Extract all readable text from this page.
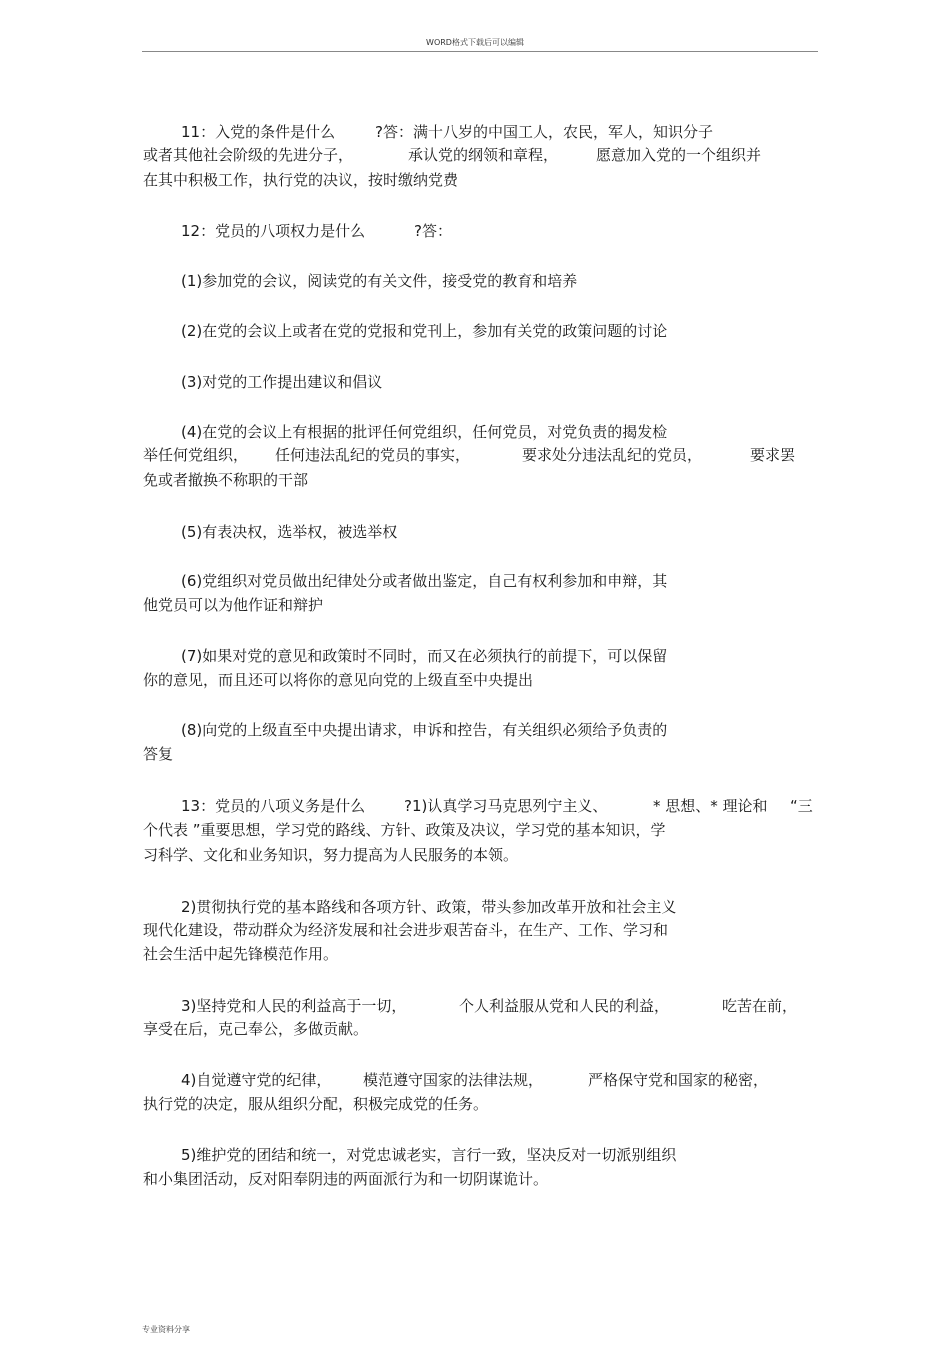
WORD格式下载后可以编辑

11：入党的条件是什么

	?答：满十八岁的中国工人，农民，军人，知识分子

或者其他社会阶级的先进分子，

	承认党的纲领和章程，

	愿意加入党的一个组织并

在其中积极工作，执行党的决议，按时缴纳党费

12：党员的八项权力是什么

	?答：

(1)参加党的会议，阅读党的有关文件，接受党的教育和培养

(2)在党的会议上或者在党的党报和党刊上，参加有关党的政策问题的讨论

(3)对党的工作提出建议和倡议

(4)在党的会议上有根据的批评任何党组织，任何党员，对党负责的揭发检

举任何党组织，

任何违法乱纪的党员的事实，

	要求处分违法乱纪的党员，

	要求罢

免或者撤换不称职的干部

(5)有表决权，选举权，被选举权

(6)党组织对党员做出纪律处分或者做出鉴定，自己有权利参加和申辩，其

他党员可以为他作证和辩护

(7)如果对党的意见和政策时不同时，而又在必须执行的前提下，可以保留

你的意见，而且还可以将你的意见向党的上级直至中央提出

(8)向党的上级直至中央提出请求，申诉和控告，有关组织必须给予负责的

答复

13：党员的八项义务是什么

	?1)认真学习马克思列宁主义、

	* 思想、* 理论和

“三

个代表 ”重要思想，学习党的路线、方针、政策及决议，学习党的基本知识，学

习科学、文化和业务知识，努力提高为人民服务的本领。

2)贯彻执行党的基本路线和各项方针、政策，带头参加改革开放和社会主义

现代化建设，带动群众为经济发展和社会进步艰苦奋斗，在生产、工作、学习和

社会生活中起先锋模范作用。

3)坚持党和人民的利益高于一切，

	个人利益服从党和人民的利益，

	吃苦在前，

享受在后，克己奉公，多做贡献。

4)自觉遵守党的纪律，

模范遵守国家的法律法规，

	严格保守党和国家的秘密，

执行党的决定，服从组织分配，积极完成党的任务。

5)维护党的团结和统一，对党忠诚老实，言行一致，坚决反对一切派别组织

和小集团活动，反对阳奉阴违的两面派行为和一切阴谋诡计。

专业资料分享
